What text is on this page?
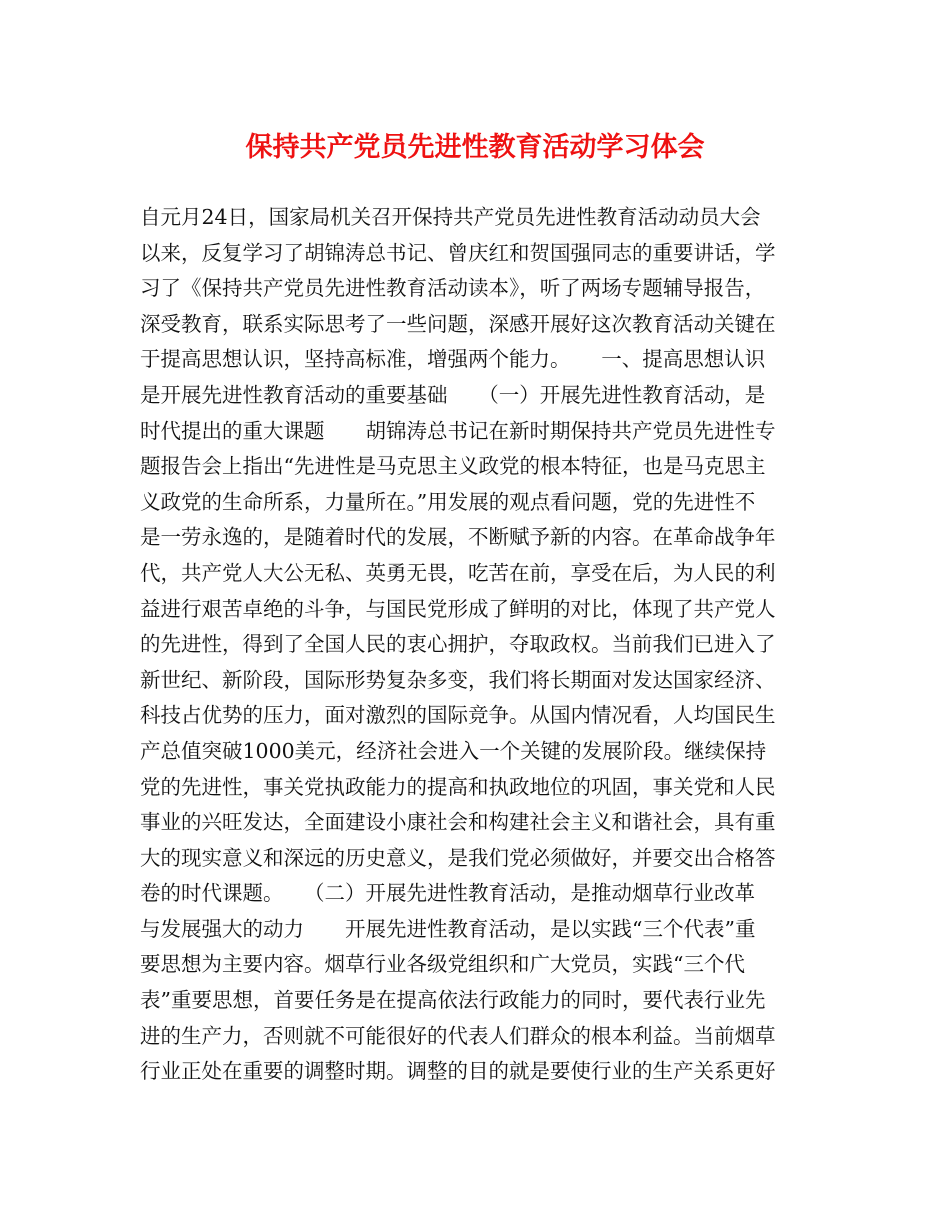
保持共产党员先进性教育活动学习体会
自元月24日，国家局机关召开保持共产党员先进性教育活动动员大会
以来，反复学习了胡锦涛总书记、曾庆红和贺国强同志的重要讲话，学
习了《保持共产党员先进性教育活动读本》，听了两场专题辅导报告，
深受教育，联系实际思考了一些问题，深感开展好这次教育活动关键在
于提高思想认识，坚持高标准，增强两个能力。　　一、提高思想认识
是开展先进性教育活动的重要基础　　（一）开展先进性教育活动，是
时代提出的重大课题　　胡锦涛总书记在新时期保持共产党员先进性专
题报告会上指出“先进性是马克思主义政党的根本特征，也是马克思主
义政党的生命所系，力量所在。”用发展的观点看问题，党的先进性不
是一劳永逸的，是随着时代的发展，不断赋予新的内容。在革命战争年
代，共产党人大公无私、英勇无畏，吃苦在前，享受在后，为人民的利
益进行艰苦卓绝的斗争，与国民党形成了鲜明的对比，体现了共产党人
的先进性，得到了全国人民的衷心拥护，夺取政权。当前我们已进入了
新世纪、新阶段，国际形势复杂多变，我们将长期面对发达国家经济、
科技占优势的压力，面对激烈的国际竞争。从国内情况看，人均国民生
产总值突破1000美元，经济社会进入一个关键的发展阶段。继续保持
党的先进性，事关党执政能力的提高和执政地位的巩固，事关党和人民
事业的兴旺发达，全面建设小康社会和构建社会主义和谐社会，具有重
大的现实意义和深远的历史意义，是我们党必须做好，并要交出合格答
卷的时代课题。　　（二）开展先进性教育活动，是推动烟草行业改革
与发展强大的动力　　开展先进性教育活动，是以实践“三个代表”重
要思想为主要内容。烟草行业各级党组织和广大党员，实践“三个代
表”重要思想，首要任务是在提高依法行政能力的同时，要代表行业先
进的生产力，否则就不可能很好的代表人们群众的根本利益。当前烟草
行业正处在重要的调整时期。调整的目的就是要使行业的生产关系更好
